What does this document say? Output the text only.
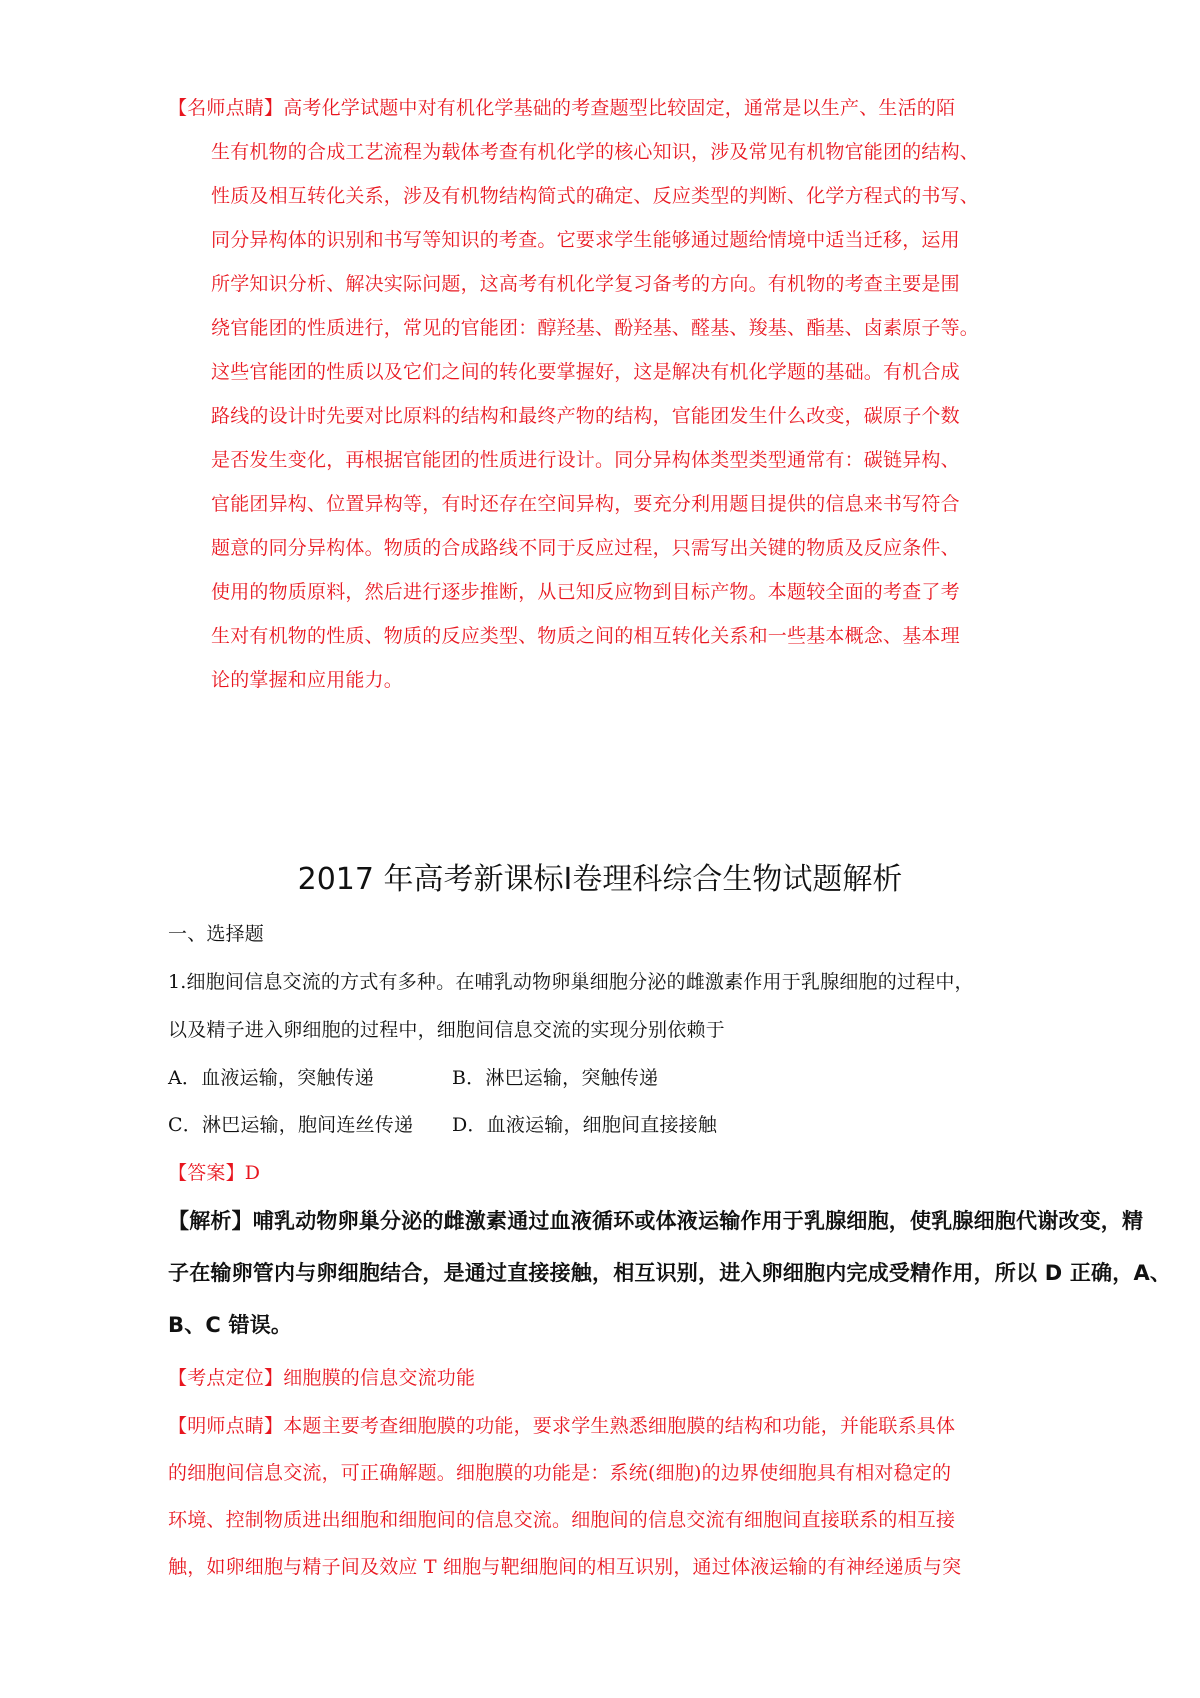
【名师点睛】高考化学试题中对有机化学基础的考查题型比较固定，通常是以生产、生活的陌
生有机物的合成工艺流程为载体考查有机化学的核心知识，涉及常见有机物官能团的结构、
性质及相互转化关系，涉及有机物结构简式的确定、反应类型的判断、化学方程式的书写、
同分异构体的识别和书写等知识的考查。它要求学生能够通过题给情境中适当迁移，运用
所学知识分析、解决实际问题，这高考有机化学复习备考的方向。有机物的考查主要是围
绕官能团的性质进行，常见的官能团：醇羟基、酚羟基、醛基、羧基、酯基、卤素原子等。
这些官能团的性质以及它们之间的转化要掌握好，这是解决有机化学题的基础。有机合成
路线的设计时先要对比原料的结构和最终产物的结构，官能团发生什么改变，碳原子个数
是否发生变化，再根据官能团的性质进行设计。同分异构体类型类型通常有：碳链异构、
官能团异构、位置异构等，有时还存在空间异构，要充分利用题目提供的信息来书写符合
题意的同分异构体。物质的合成路线不同于反应过程，只需写出关键的物质及反应条件、
使用的物质原料，然后进行逐步推断，从已知反应物到目标产物。本题较全面的考查了考
生对有机物的性质、物质的反应类型、物质之间的相互转化关系和一些基本概念、基本理
论的掌握和应用能力。
2017 年高考新课标Ⅰ卷理科综合生物试题解析
一、选择题
1.细胞间信息交流的方式有多种。在哺乳动物卵巢细胞分泌的雌激素作用于乳腺细胞的过程中，
以及精子进入卵细胞的过程中，细胞间信息交流的实现分别依赖于
A．血液运输，突触传递	B．淋巴运输，突触传递
C．淋巴运输，胞间连丝传递 D．血液运输，细胞间直接接触
【答案】D
【解析】哺乳动物卵巢分泌的雌激素通过血液循环或体液运输作用于乳腺细胞，使乳腺细胞代谢改变，精
子在输卵管内与卵细胞结合，是通过直接接触，相互识别，进入卵细胞内完成受精作用，所以 D 正确，A、
B、C 错误。
【考点定位】细胞膜的信息交流功能
【明师点睛】本题主要考查细胞膜的功能，要求学生熟悉细胞膜的结构和功能，并能联系具体
的细胞间信息交流，可正确解题。细胞膜的功能是：系统(细胞)的边界使细胞具有相对稳定的
环境、控制物质进出细胞和细胞间的信息交流。细胞间的信息交流有细胞间直接联系的相互接
触，如卵细胞与精子间及效应 T 细胞与靶细胞间的相互识别，通过体液运输的有神经递质与突
